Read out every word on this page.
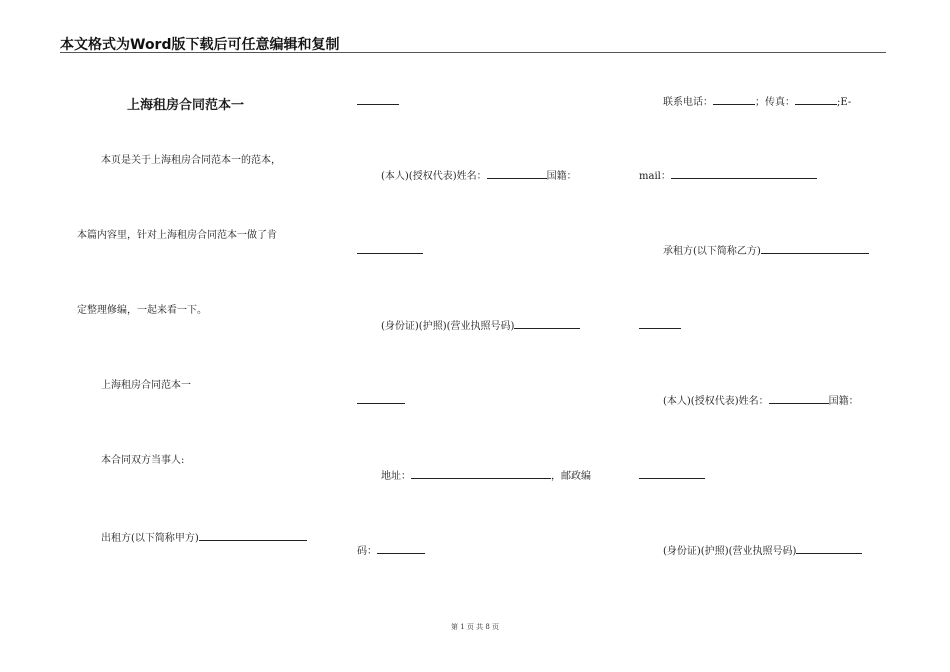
本文格式为Word版下载后可任意编辑和复制
上海租房合同范本一
本页是关于上海租房合同范本一的范本，
本篇内容里，针对上海租房合同范本一做了肯
定整理修编，一起来看一下。
上海租房合同范本一
本合同双方当事人:
出租方(以下简称甲方)
(本人)(授权代表)姓名：	国籍：
(身份证)(护照)(营业执照号码)
地址：	，邮政编
码：
联系电话：	；传真：	;E-
mail：
承租方(以下简称乙方)
(本人)(授权代表)姓名：	国籍：
(身份证)(护照)(营业执照号码)
第 1 页 共 8 页
